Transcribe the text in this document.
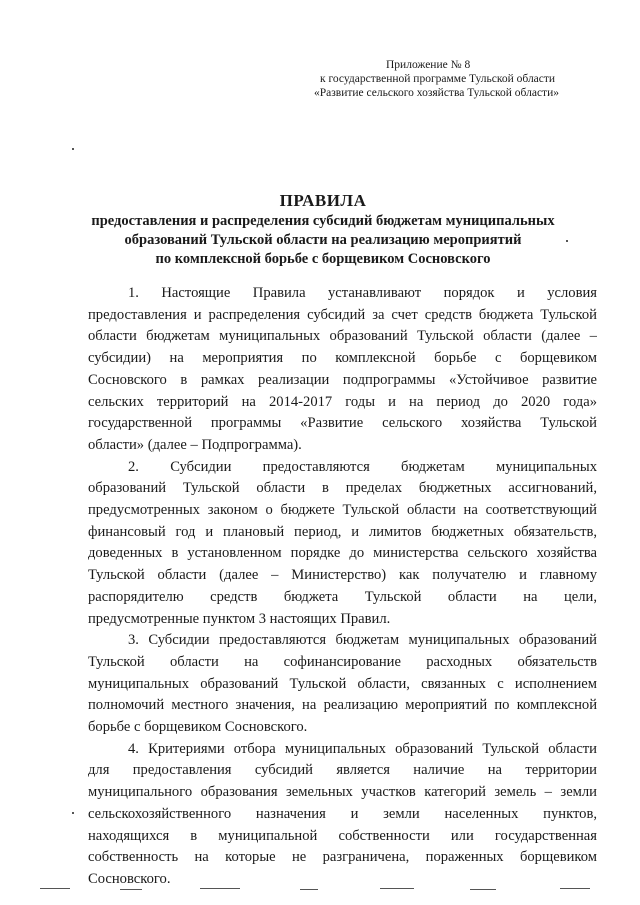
Приложение № 8
к государственной программе Тульской области
«Развитие сельского хозяйства Тульской области»
ПРАВИЛА
предоставления и распределения субсидий бюджетам муниципальных
образований Тульской области на реализацию мероприятий
по комплексной борьбе с борщевиком Сосновского
1. Настоящие Правила устанавливают порядок и условия
предоставления и распределения субсидий за счет средств бюджета Тульской
области бюджетам муниципальных образований Тульской области (далее –
субсидии) на мероприятия по комплексной борьбе с борщевиком
Сосновского в рамках реализации подпрограммы «Устойчивое развитие
сельских территорий на 2014-2017 годы и на период до 2020 года»
государственной программы «Развитие сельского хозяйства Тульской
области» (далее – Подпрограмма).
2. Субсидии предоставляются бюджетам муниципальных
образований Тульской области в пределах бюджетных ассигнований,
предусмотренных законом о бюджете Тульской области на соответствующий
финансовый год и плановый период, и лимитов бюджетных обязательств,
доведенных в установленном порядке до министерства сельского хозяйства
Тульской области (далее – Министерство) как получателю и главному
распорядителю средств бюджета Тульской области на цели,
предусмотренные пунктом 3 настоящих Правил.
3. Субсидии предоставляются бюджетам муниципальных образований
Тульской области на софинансирование расходных обязательств
муниципальных образований Тульской области, связанных с исполнением
полномочий местного значения, на реализацию мероприятий по комплексной
борьбе с борщевиком Сосновского.
4. Критериями отбора муниципальных образований Тульской области
для предоставления субсидий является наличие на территории
муниципального образования земельных участков категорий земель – земли
сельскохозяйственного назначения и земли населенных пунктов,
находящихся в муниципальной собственности или государственная
собственность на которые не разграничена, пораженных борщевиком
Сосновского.
